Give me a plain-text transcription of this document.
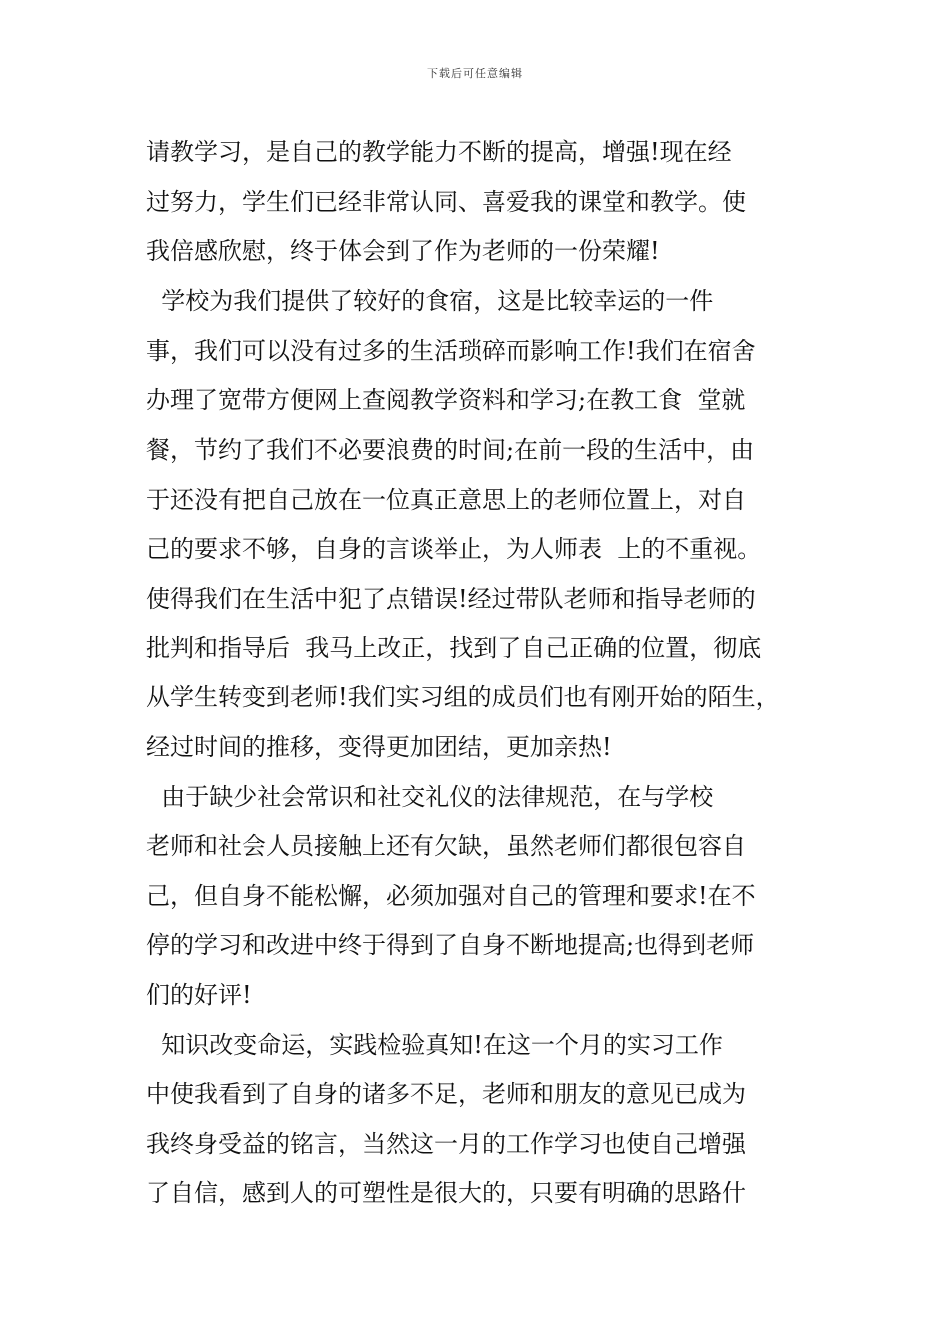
下载后可任意编辑
请教学习，是自己的教学能力不断的提高，增强!现在经
过努力，学生们已经非常认同、喜爱我的课堂和教学。使
我倍感欣慰，终于体会到了作为老师的一份荣耀!
学校为我们提供了较好的食宿，这是比较幸运的一件
事，我们可以没有过多的生活琐碎而影响工作!我们在宿舍
办理了宽带方便网上查阅教学资料和学习;在教工食  堂就
餐，节约了我们不必要浪费的时间;在前一段的生活中，由
于还没有把自己放在一位真正意思上的老师位置上，对自
己的要求不够，自身的言谈举止，为人师表  上的不重视。
使得我们在生活中犯了点错误!经过带队老师和指导老师的
批判和指导后  我马上改正，找到了自己正确的位置，彻底
从学生转变到老师!我们实习组的成员们也有刚开始的陌生，
经过时间的推移，变得更加团结，更加亲热!
由于缺少社会常识和社交礼仪的法律规范，在与学校
老师和社会人员接触上还有欠缺，虽然老师们都很包容自
己，但自身不能松懈，必须加强对自己的管理和要求!在不
停的学习和改进中终于得到了自身不断地提高;也得到老师
们的好评!
知识改变命运，实践检验真知!在这一个月的实习工作
中使我看到了自身的诸多不足，老师和朋友的意见已成为
我终身受益的铭言，当然这一月的工作学习也使自己增强
了自信，感到人的可塑性是很大的，只要有明确的思路什
